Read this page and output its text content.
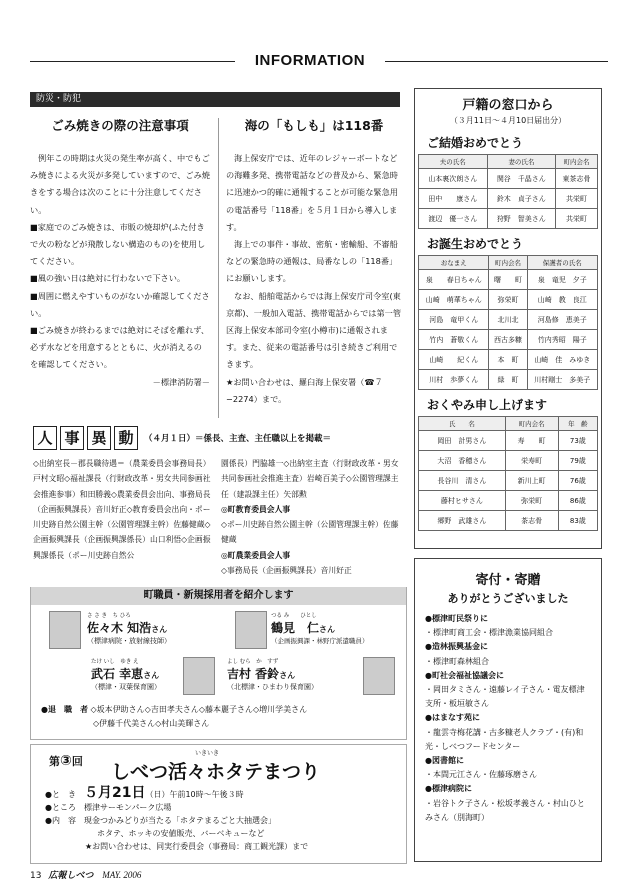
INFORMATION
防災・防犯
ごみ焼きの際の注意事項

例年この時期は火災の発生率が高く、中でもごみ焼きによる火災が多発していますので、ごみ焼きをする場合は次のことに十分注意してください。

■家庭でのごみ焼きは、市販の焼却炉(ふた付きで火の粉などが飛散しない構造のもの)を使用してください。

■風の強い日は絶対に行わないで下さい。

■周囲に燃えやすいものがないか確認してください。

■ごみ焼きが終わるまでは絶対にそばを離れず、必ず水などを用意するとともに、火が消えるのを確認してください。

－標津消防署－

海の「もしも」は118番

海上保安庁では、近年のレジャーボートなどの海難多発、携帯電話などの普及から、緊急時に迅速かつ的確に通報することが可能な緊急用の電話番号「118番」を５月１日から導入します。

海上での事件・事故、密航・密輸船、不審船などの緊急時の通報は、局番なしの「118番」にお願いします。

なお、船舶電話からでは海上保安庁司令室(東京都)、一般加入電話、携帯電話からでは第一管区海上保安本部司令室(小樽市)に通報されます。また、従来の電話番号は引き続きご利用できます。

★お問い合わせは、羅臼海上保安署（☎７−2274）まで。

戸籍の窓口から
（３月11日～４月10日届出分）
ご結婚おめでとう
夫の氏名	妻の氏名	町内会名
山本裏次朗さん	関谷　千晶さん	東茶志骨
田中　　康さん	鈴木　貞子さん	共栄町
渡辺　優一さん	狩野　智美さん	共栄町
お誕生おめでとう
おなまえ	町内会名	保護者の氏名
泉　　春日ちゃん	曙　　町	泉　竜児　夕子
山崎　萌華ちゃん	弥栄町	山崎　教　良江
河島　竜甲くん	北川北	河島修　恵美子
竹内　蒼敬くん	西古多糠	竹内秀昭　陽子
山崎　　紀くん	本　町	山崎　佳　みゆき
川村　歩夢くん	緑　町	川村剛士　多美子
おくやみ申し上げます
氏　　名	町内会名	年　齢
岡田　計男さん	寿　　町	73歳
大沼　香穂さん	栄寿町	79歳
長谷川　清さん	新川上町	76歳
藤村ヒサさん	弥栄町	86歳
郷野　武雄さん	茶志骨	83歳
人 事 異 動	（４月１日）＝係長、主査、主任職以上を掲載＝
◇出納室長－郡長職待遇＝（農業委員会事務局長）戸村文昭◇福祉課長（行財政改革・男女共同参画社会推進参事）和田勝義◇農業委員会出向、事務局長（企画振興課長）音川好正◇教育委員会出向・ポー川史跡自然公園主幹（公園管理課主幹）佐藤健蔵◇企画振興課長（企画振興課係長）山口利悟◇企画振興課係長（ポー川史跡自然公
園係長）門脇雄一◇出納室主査（行財政改革・男女共同参画社会推進主査）岩崎百美子◇公園管理課主任（建設課主任）矢部勲
◎町教育委員会人事
◇ポー川史跡自然公園主幹（公園管理課主幹）佐藤健蔵
◎町農業委員会人事
◇事務局長（企画振興課長）音川好正
町職員・新規採用者を紹介します
さ さ き　ち ひろ
佐々木 知浩さん
（標津病院・放射線技師）
つる み　　ひとし
鶴見　仁さん
（企画振興課・林野庁派遣職員）
たけ いし　ゆき え
武石 幸恵さん
（標津・双葉保育園）
よし むら　か　すず
吉村 香鈴さん
（北標津・ひまわり保育園）
●退　職　者 ◇坂本伊助さん◇吉田孝夫さん◇藤本麗子さん◇増川学美さん
◇伊藤千代美さん◇村山美輝さん
第③回
いきいき
しべつ活々ホタテまつり
●と　き　 ５月21日（日）午前10時～午後３時
●ところ　標津サーモンパーク広場
●内　容　現金つかみどりが当たる「ホタテまるごと大抽選会」
ホタテ、ホッキの安値販売、バーベキューなど
★お問い合わせは、同実行委員会（事務局：商工観光課）まで
寄付・寄贈
ありがとうございました
●標津町民祭りに
・標津町商工会・標津漁業協同組合
●造林振興基金に
・標津町森林組合
●町社会福祉協議会に
・岡田タミさん・遠藤レイ子さん・電友標津支所・板垣敏さん
●はまなす苑に
・龍雲寺梅花講・古多糠老人クラブ・(有)和光・しべつフードセンター
●図書館に
・本間元江さん・佐藤琢磨さん
●標津病院に
・岩谷トク子さん・松坂孝義さん・村山ひとみさん（別海町）
13 広報しべつ MAY. 2006
